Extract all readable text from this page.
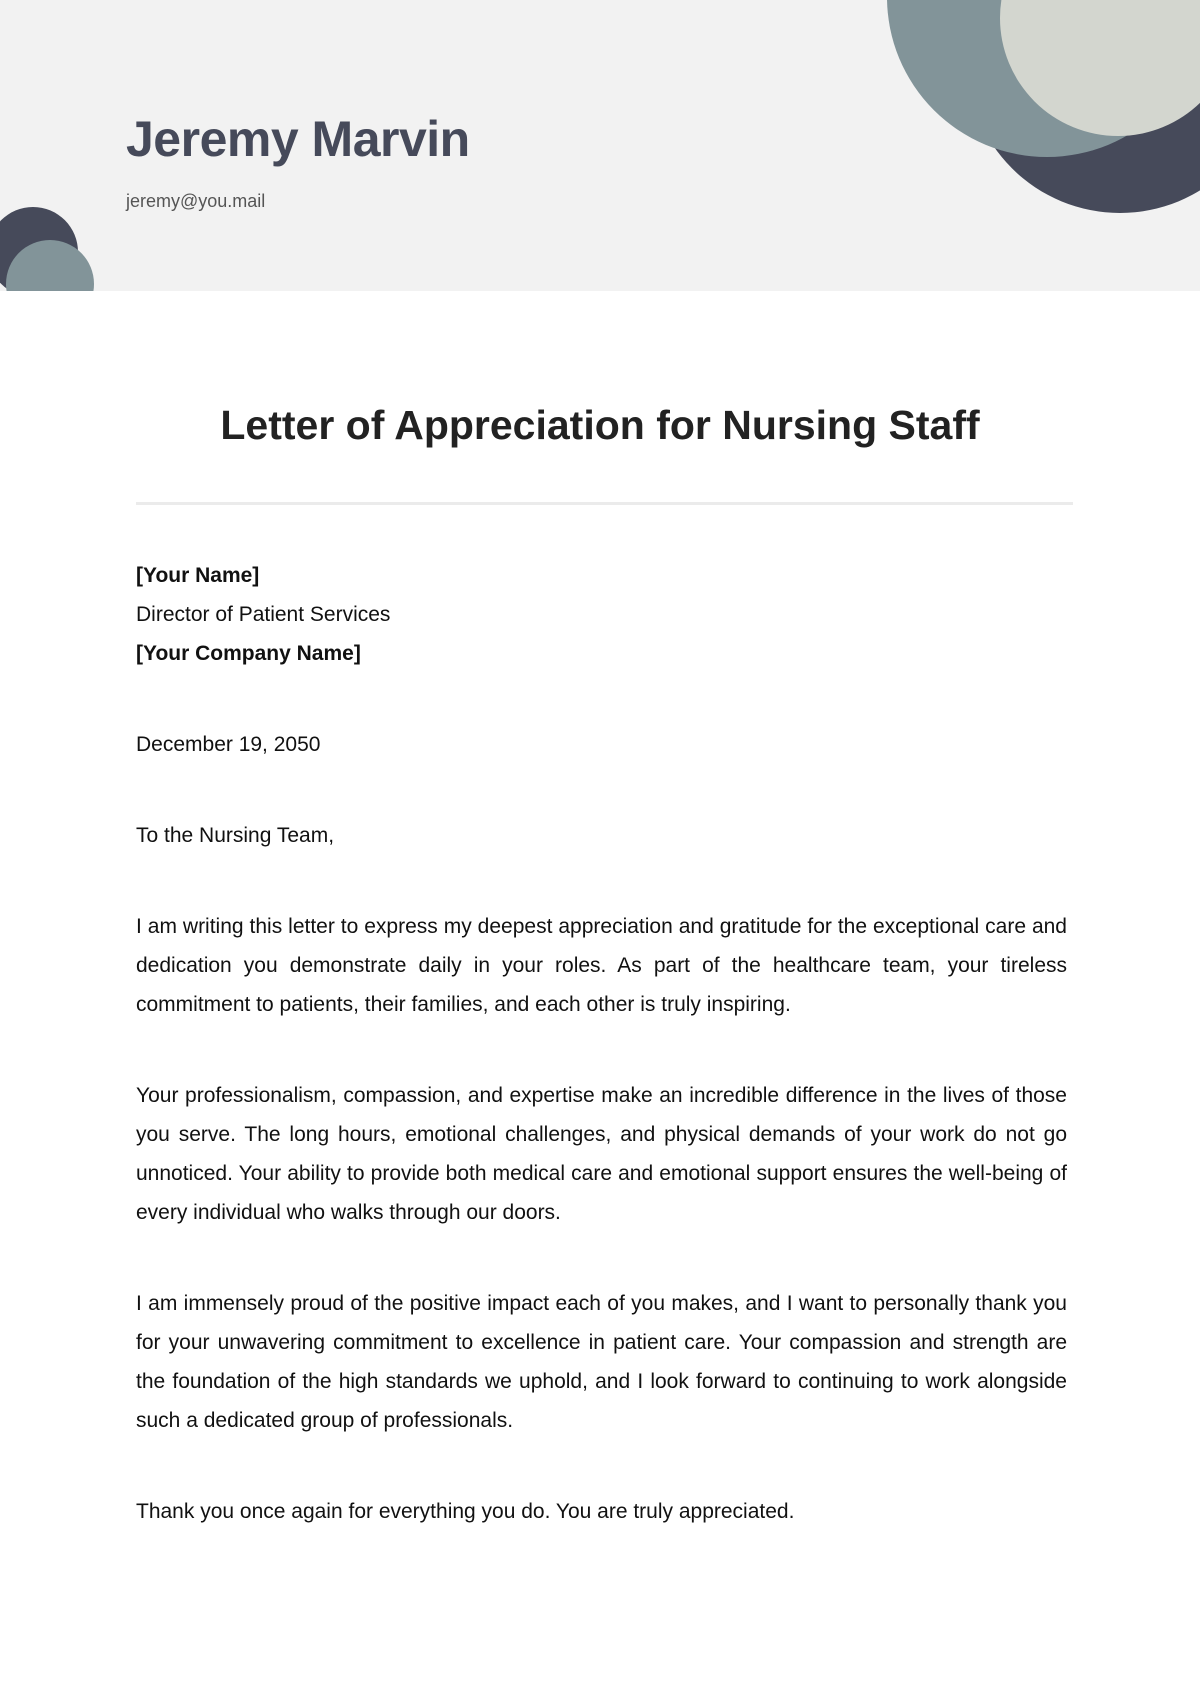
Jeremy Marvin
jeremy@you.mail
Letter of Appreciation for Nursing Staff

[Your Name]

Director of Patient Services

[Your Company Name]

December 19, 2050

To the Nursing Team,

I am writing this letter to express my deepest appreciation and gratitude for the exceptional care and dedication you demonstrate daily in your roles. As part of the healthcare team, your tireless commitment to patients, their families, and each other is truly inspiring.

Your professionalism, compassion, and expertise make an incredible difference in the lives of those you serve. The long hours, emotional challenges, and physical demands of your work do not go unnoticed. Your ability to provide both medical care and emotional support ensures the well-being of every individual who walks through our doors.

I am immensely proud of the positive impact each of you makes, and I want to personally thank you for your unwavering commitment to excellence in patient care. Your compassion and strength are the foundation of the high standards we uphold, and I look forward to continuing to work alongside such a dedicated group of professionals.

Thank you once again for everything you do. You are truly appreciated.
